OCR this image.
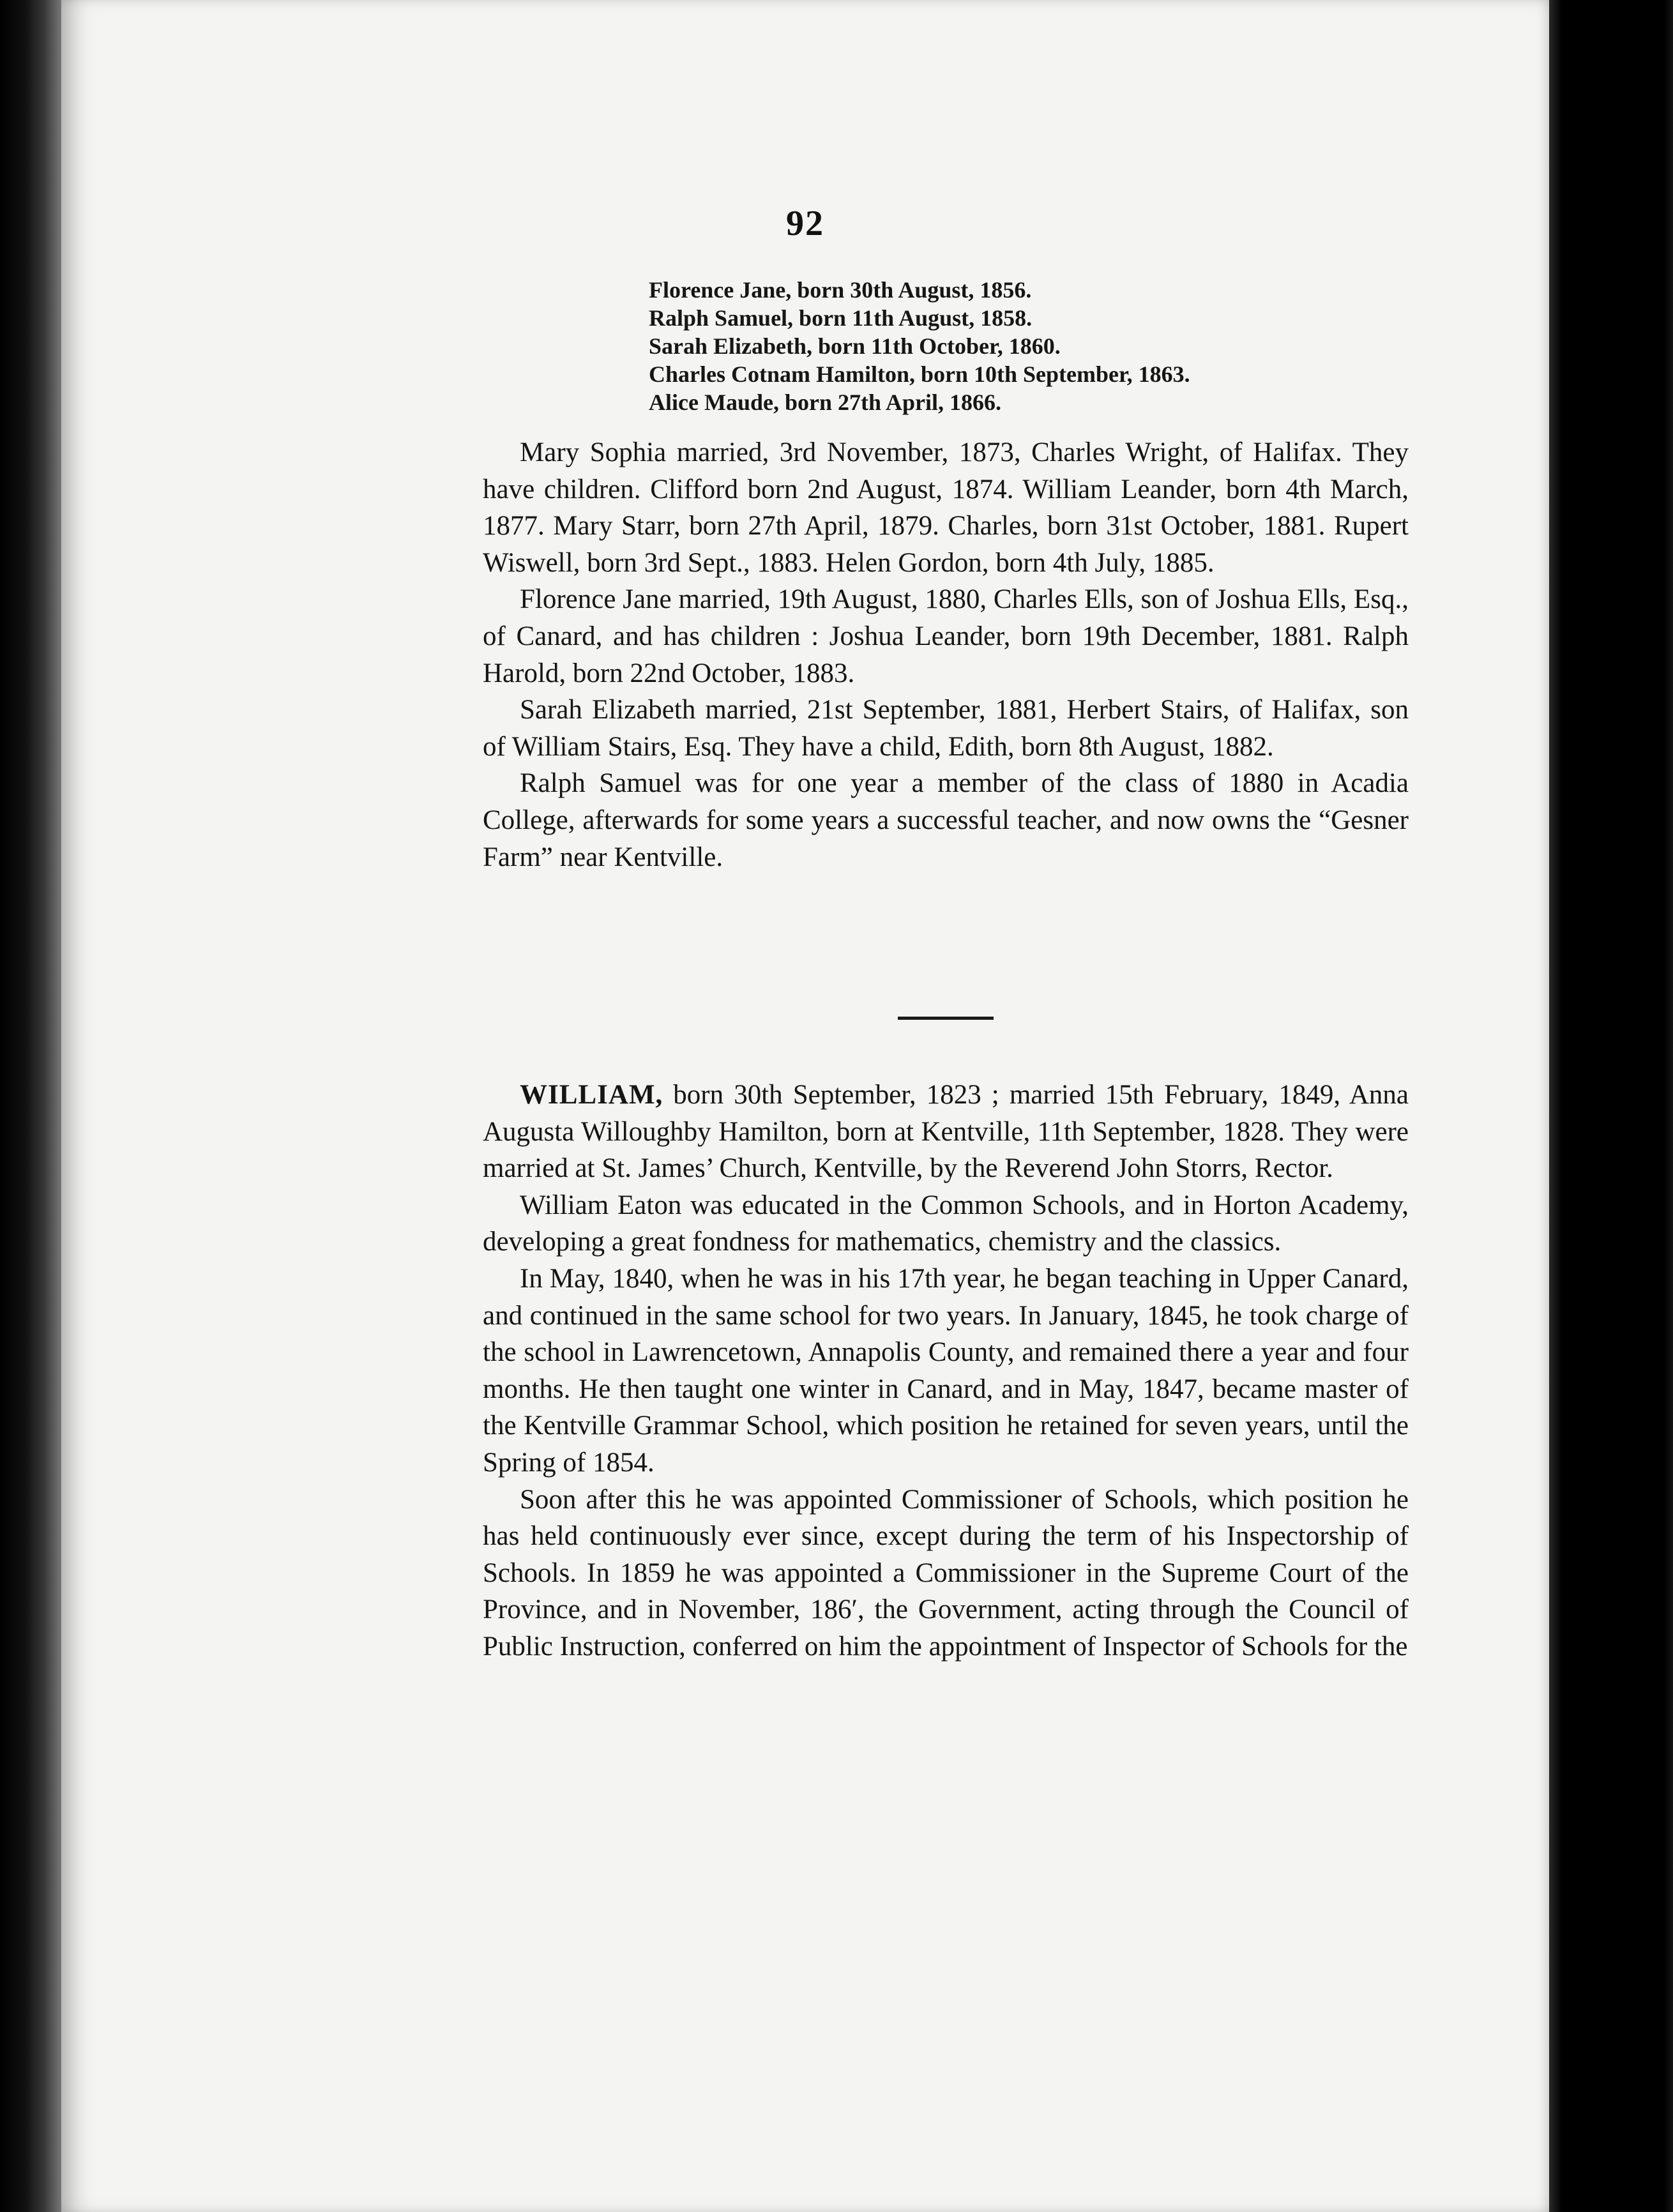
92
Florence Jane, born 30th August, 1856.
Ralph Samuel, born 11th August, 1858.
Sarah Elizabeth, born 11th October, 1860.
Charles Cotnam Hamilton, born 10th September, 1863.
Alice Maude, born 27th April, 1866.

Mary Sophia married, 3rd November, 1873, Charles Wright, of Halifax. They have children. Clifford born 2nd August, 1874. William Leander, born 4th March, 1877. Mary Starr, born 27th April, 1879. Charles, born 31st October, 1881. Rupert Wiswell, born 3rd Sept., 1883. Helen Gordon, born 4th July, 1885.

Florence Jane married, 19th August, 1880, Charles Ells, son of Joshua Ells, Esq., of Canard, and has children : Joshua Leander, born 19th December, 1881. Ralph Harold, born 22nd October, 1883.

Sarah Elizabeth married, 21st September, 1881, Herbert Stairs, of Halifax, son of William Stairs, Esq. They have a child, Edith, born 8th August, 1882.

Ralph Samuel was for one year a member of the class of 1880 in Acadia College, afterwards for some years a successful teacher, and now owns the “Gesner Farm” near Kentville.

WILLIAM, born 30th September, 1823 ; married 15th February, 1849, Anna Augusta Willoughby Hamilton, born at Kentville, 11th September, 1828. They were married at St. James’ Church, Kentville, by the Reverend John Storrs, Rector.

William Eaton was educated in the Common Schools, and in Horton Academy, developing a great fondness for mathematics, chemistry and the classics.

In May, 1840, when he was in his 17th year, he began teaching in Upper Canard, and continued in the same school for two years. In January, 1845, he took charge of the school in Lawrencetown, Annapolis County, and remained there a year and four months. He then taught one winter in Canard, and in May, 1847, became master of the Kentville Grammar School, which position he retained for seven years, until the Spring of 1854.

Soon after this he was appointed Commissioner of Schools, which position he has held continuously ever since, except during the term of his Inspectorship of Schools. In 1859 he was appointed a Commissioner in the Supreme Court of the Province, and in November, 186′, the Government, acting through the Council of Public Instruction, conferred on him the appointment of Inspector of Schools for the
